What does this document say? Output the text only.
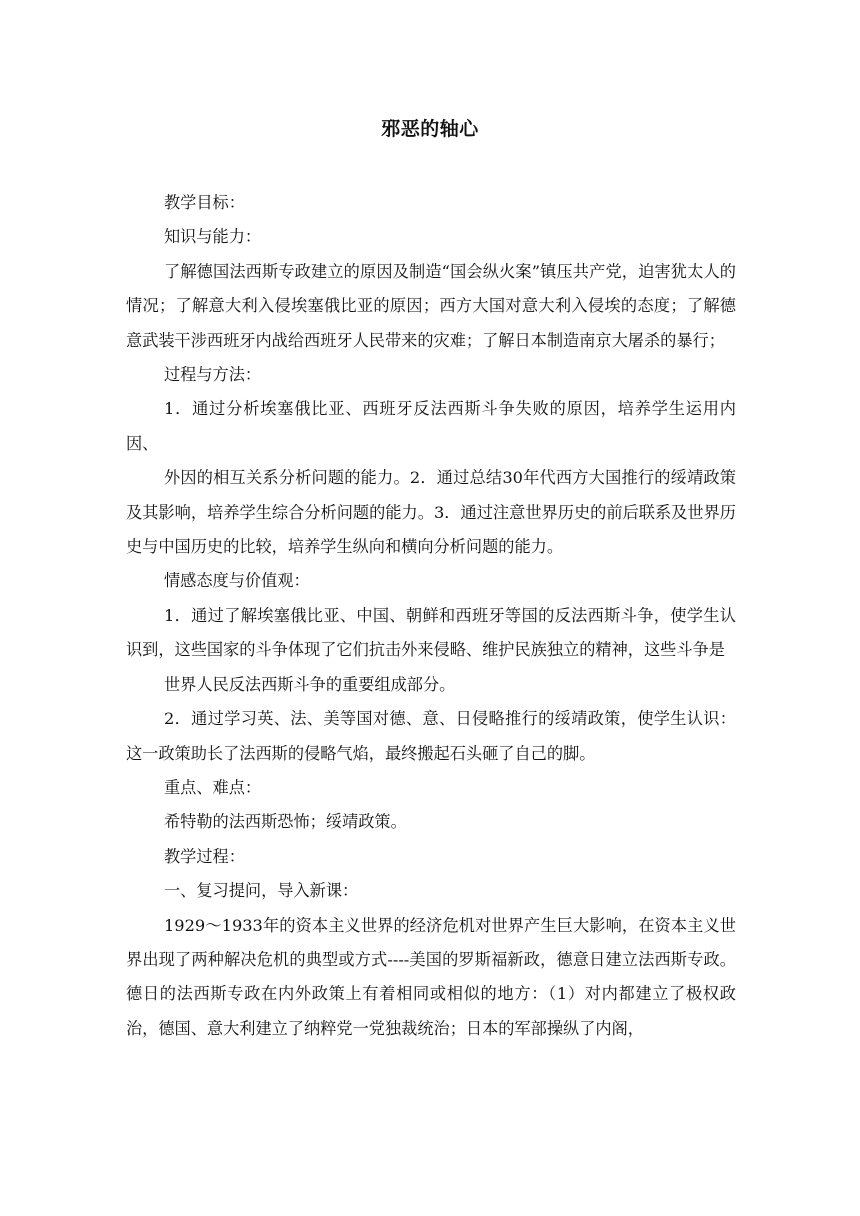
邪恶的轴心

教学目标：

知识与能力：

了解德国法西斯专政建立的原因及制造“国会纵火案”镇压共产党，迫害犹太人的情况；了解意大利入侵埃塞俄比亚的原因；西方大国对意大利入侵埃的态度；了解德意武装干涉西班牙内战给西班牙人民带来的灾难；了解日本制造南京大屠杀的暴行；

过程与方法：

1．通过分析埃塞俄比亚、西班牙反法西斯斗争失败的原因，培养学生运用内因、

外因的相互关系分析问题的能力。2．通过总结30年代西方大国推行的绥靖政策及其影响，培养学生综合分析问题的能力。3．通过注意世界历史的前后联系及世界历史与中国历史的比较，培养学生纵向和横向分析问题的能力。

情感态度与价值观：

1．通过了解埃塞俄比亚、中国、朝鲜和西班牙等国的反法西斯斗争，使学生认识到，这些国家的斗争体现了它们抗击外来侵略、维护民族独立的精神，这些斗争是

世界人民反法西斯斗争的重要组成部分。

2．通过学习英、法、美等国对德、意、日侵略推行的绥靖政策，使学生认识：这一政策助长了法西斯的侵略气焰，最终搬起石头砸了自己的脚。

重点、难点：

希特勒的法西斯恐怖；绥靖政策。

教学过程：

一、复习提问，导入新课：

1929～1933年的资本主义世界的经济危机对世界产生巨大影响，在资本主义世界出现了两种解决危机的典型或方式----美国的罗斯福新政，德意日建立法西斯专政。德日的法西斯专政在内外政策上有着相同或相似的地方：（1）对内都建立了极权政治，德国、意大利建立了纳粹党一党独裁统治；日本的军部操纵了内阁，
